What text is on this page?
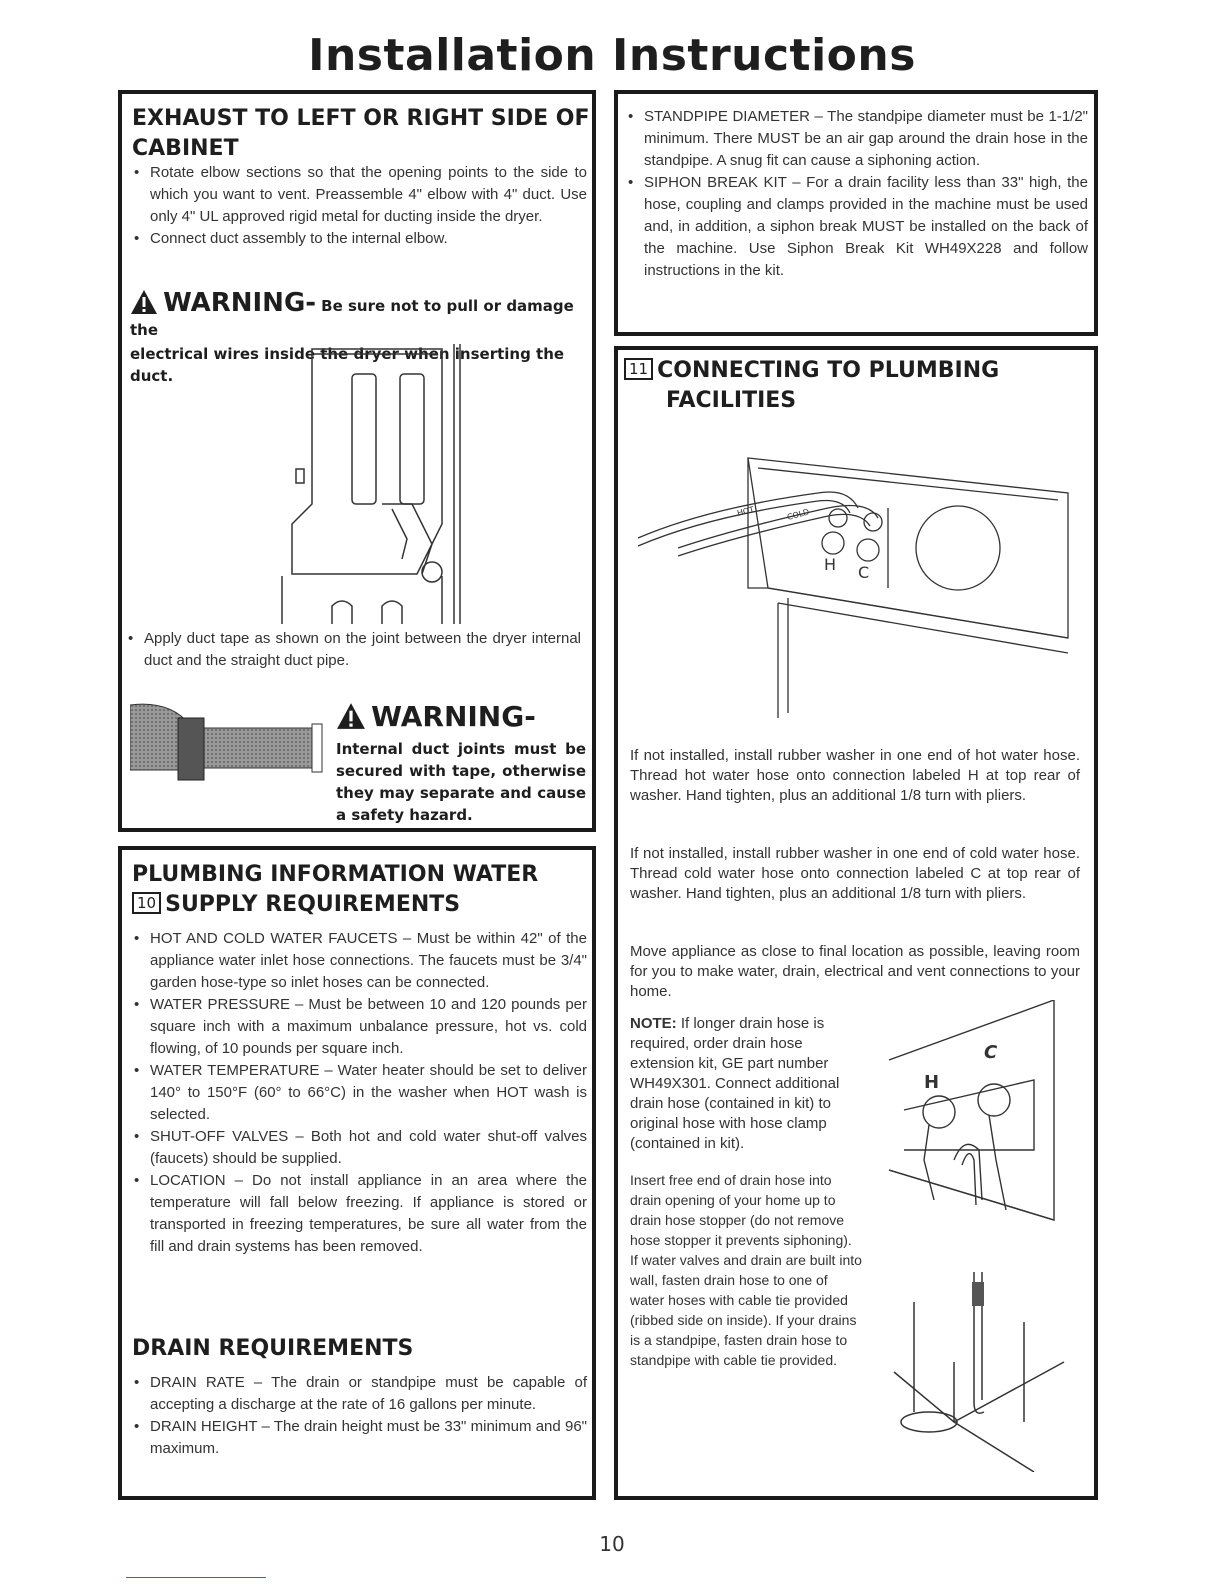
Installation Instructions
EXHAUST TO LEFT OR RIGHT SIDE OF
CABINET
• Rotate elbow sections so that the opening points to the side to which you want to vent. Preassemble 4" elbow with 4" duct. Use only 4" UL approved rigid metal for ducting inside the dryer.
• Connect duct assembly to the internal elbow.
WARNING- Be sure not to pull or damage the
electrical wires inside the dryer when inserting the duct.
• Apply duct tape as shown on the joint between the dryer internal duct and the straight duct pipe.
WARNING-
Internal duct joints must be secured with tape, otherwise they may separate and cause a safety hazard.
PLUMBING INFORMATION WATER
10 SUPPLY REQUIREMENTS
• HOT AND COLD WATER FAUCETS – Must be within 42" of the appliance water inlet hose connections. The faucets must be 3/4" garden hose-type so inlet hoses can be connected.
• WATER PRESSURE – Must be between 10 and 120 pounds per square inch with a maximum unbalance pressure, hot vs. cold flowing, of 10 pounds per square inch.
• WATER TEMPERATURE – Water heater should be set to deliver 140° to 150°F (60° to 66°C) in the washer when HOT wash is selected.
• SHUT-OFF VALVES – Both hot and cold water shut-off valves (faucets) should be supplied.
• LOCATION – Do not install appliance in an area where the temperature will fall below freezing. If appliance is stored or transported in freezing temperatures, be sure all water from the fill and drain systems has been removed.
DRAIN REQUIREMENTS
• DRAIN RATE – The drain or standpipe must be capable of accepting a discharge at the rate of 16 gallons per minute.
• DRAIN HEIGHT – The drain height must be 33" minimum and 96" maximum.
• STANDPIPE DIAMETER – The standpipe diameter must be 1-1/2" minimum. There MUST be an air gap around the drain hose in the standpipe. A snug fit can cause a siphoning action.
• SIPHON BREAK KIT – For a drain facility less than 33" high, the hose, coupling and clamps provided in the machine must be used and, in addition, a siphon break MUST be installed on the back of the machine. Use Siphon Break Kit WH49X228 and follow instructions in the kit.
11 CONNECTING TO PLUMBING
FACILITIES
H C
HOT	COLD

If not installed, install rubber washer in one end of hot water hose. Thread hot water hose onto connection labeled H at top rear of washer. Hand tighten, plus an additional 1/8 turn with pliers.

If not installed, install rubber washer in one end of cold water hose. Thread cold water hose onto connection labeled C at top rear of washer. Hand tighten, plus an additional 1/8 turn with pliers.

Move appliance as close to final location as possible, leaving room for you to make water, drain, electrical and vent connections to your home.

NOTE: If longer drain hose is required, order drain hose extension kit, GE part number WH49X301. Connect additional drain hose (contained in kit) to original hose with hose clamp (contained in kit).

Insert free end of drain hose into drain opening of your home up to drain hose stopper (do not remove hose stopper it prevents siphoning). If water valves and drain are built into wall, fasten drain hose to one of water hoses with cable tie provided (ribbed side on inside). If your drains is a standpipe, fasten drain hose to standpipe with cable tie provided.

H
C
10
